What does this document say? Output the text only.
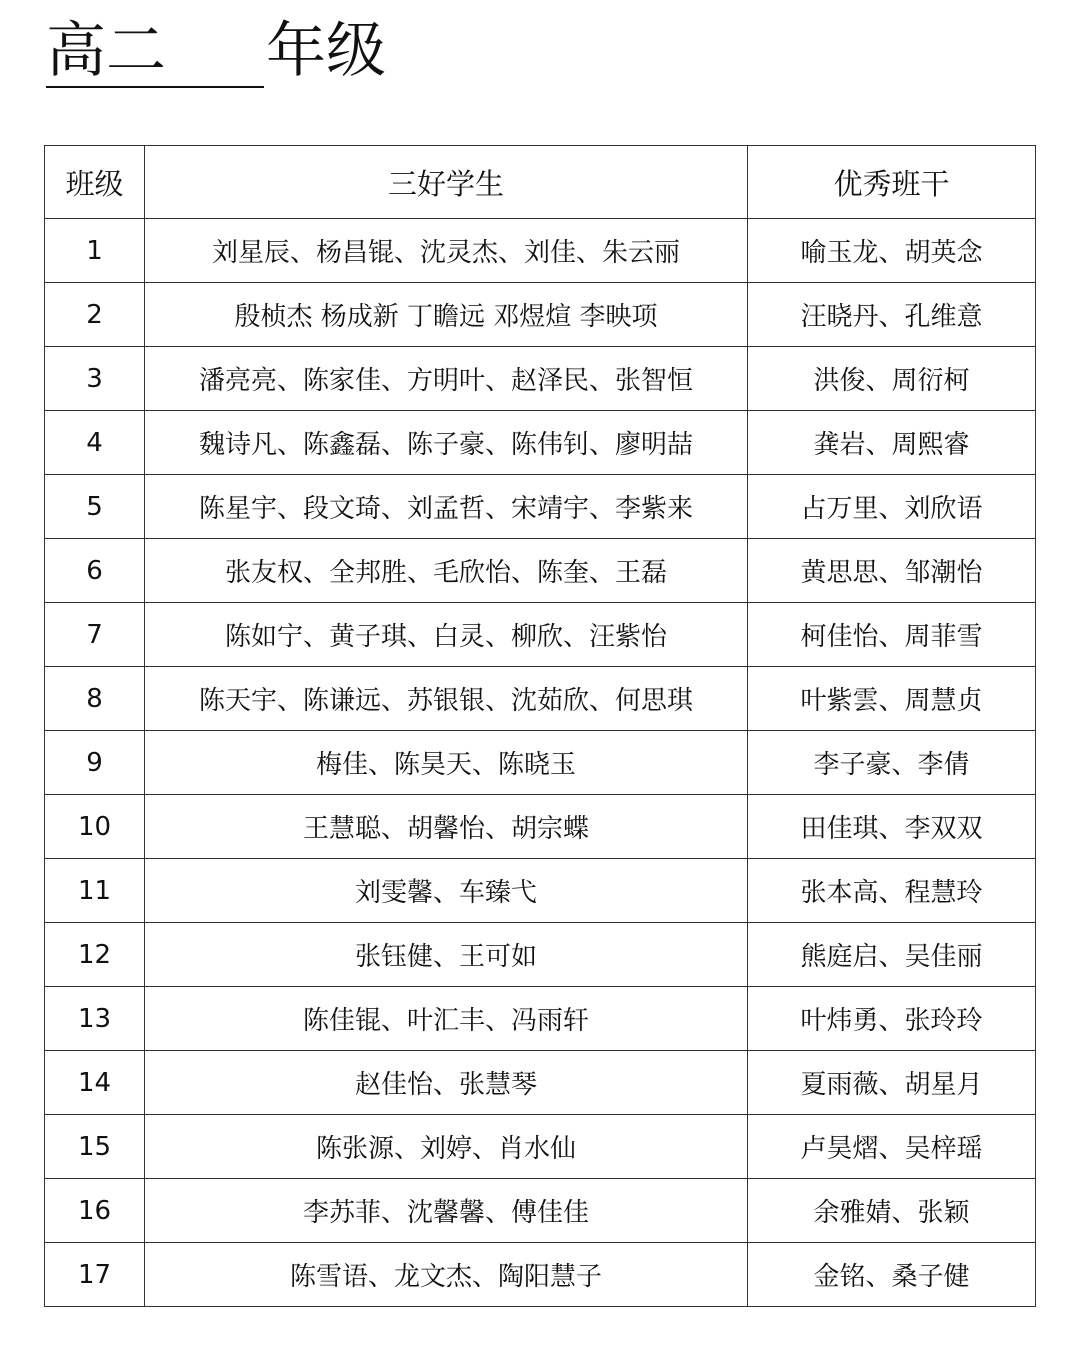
高二 年级
班级	三好学生	优秀班干
1	刘星辰、杨昌锟、沈灵杰、刘佳、朱云丽	喻玉龙、胡英念
2	殷桢杰 杨成新 丁瞻远 邓煜煊 李映项	汪晓丹、孔维意
3	潘亮亮、陈家佳、方明叶、赵泽民、张智恒	洪俊、周衍柯
4	魏诗凡、陈鑫磊、陈子豪、陈伟钊、廖明喆	龚岩、周熙睿
5	陈星宇、段文琦、刘孟哲、宋靖宇、李紫来	占万里、刘欣语
6	张友权、全邦胜、毛欣怡、陈奎、王磊	黄思思、邹潮怡
7	陈如宁、黄子琪、白灵、柳欣、汪紫怡	柯佳怡、周菲雪
8	陈天宇、陈谦远、苏银银、沈茹欣、何思琪	叶紫雲、周慧贞
9	梅佳、陈昊天、陈晓玉	李子豪、李倩
10	王慧聪、胡馨怡、胡宗蝶	田佳琪、李双双
11	刘雯馨、车臻弋	张本高、程慧玲
12	张钰健、王可如	熊庭启、吴佳丽
13	陈佳锟、叶汇丰、冯雨轩	叶炜勇、张玲玲
14	赵佳怡、张慧琴	夏雨薇、胡星月
15	陈张源、刘婷、肖水仙	卢昊熠、吴梓瑶
16	李苏菲、沈馨馨、傅佳佳	余雅婧、张颖
17	陈雪语、龙文杰、陶阳慧子	金铭、桑子健
